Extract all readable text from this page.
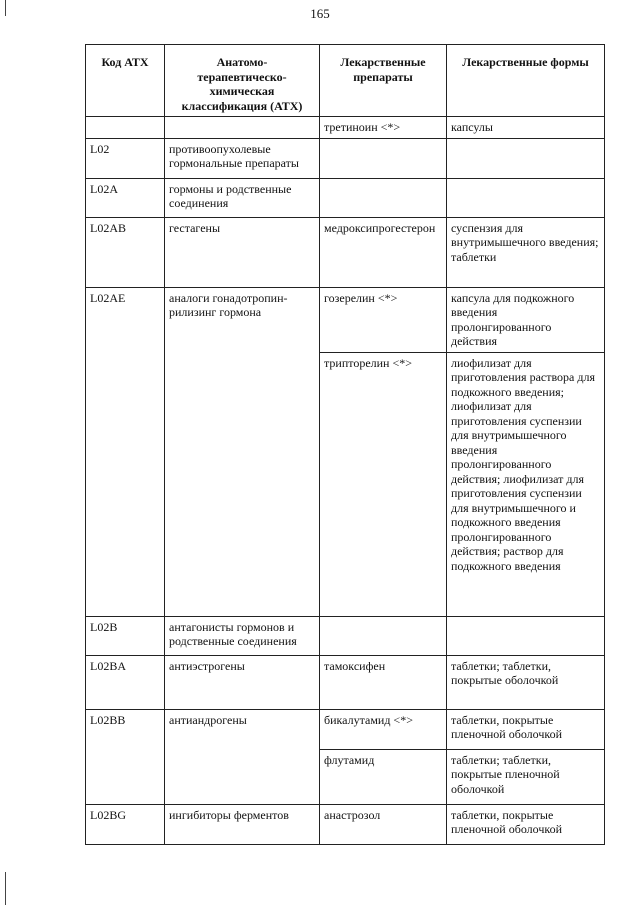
165
Код АТХ	Анатомо-терапевтическо-химическая классификация (АТХ)	Лекарственные препараты	Лекарственные формы
		третиноин <*>	капсулы
L02	противоопухолевые гормональные препараты		
L02A	гормоны и родственные соединения		
L02AB	гестагены	медроксипрогестерон	суспензия для внутримышечного введения; таблетки
L02AE	аналоги гонадотропин-рилизинг гормона	гозерелин <*>	капсула для подкожного введения пролонгированного действия
		трипторелин <*>	лиофилизат для приготовления раствора для подкожного введения; лиофилизат для приготовления суспензии для внутримышечного введения пролонгированного действия; лиофилизат для приготовления суспензии для внутримышечного и подкожного введения пролонгированного действия; раствор для подкожного введения
L02B	антагонисты гормонов и родственные соединения		
L02BA	антиэстрогены	тамоксифен	таблетки; таблетки, покрытые оболочкой
L02BB	антиандрогены	бикалутамид <*>	таблетки, покрытые пленочной оболочкой
		флутамид	таблетки; таблетки, покрытые пленочной оболочкой
L02BG	ингибиторы ферментов	анастрозол	таблетки, покрытые пленочной оболочкой
